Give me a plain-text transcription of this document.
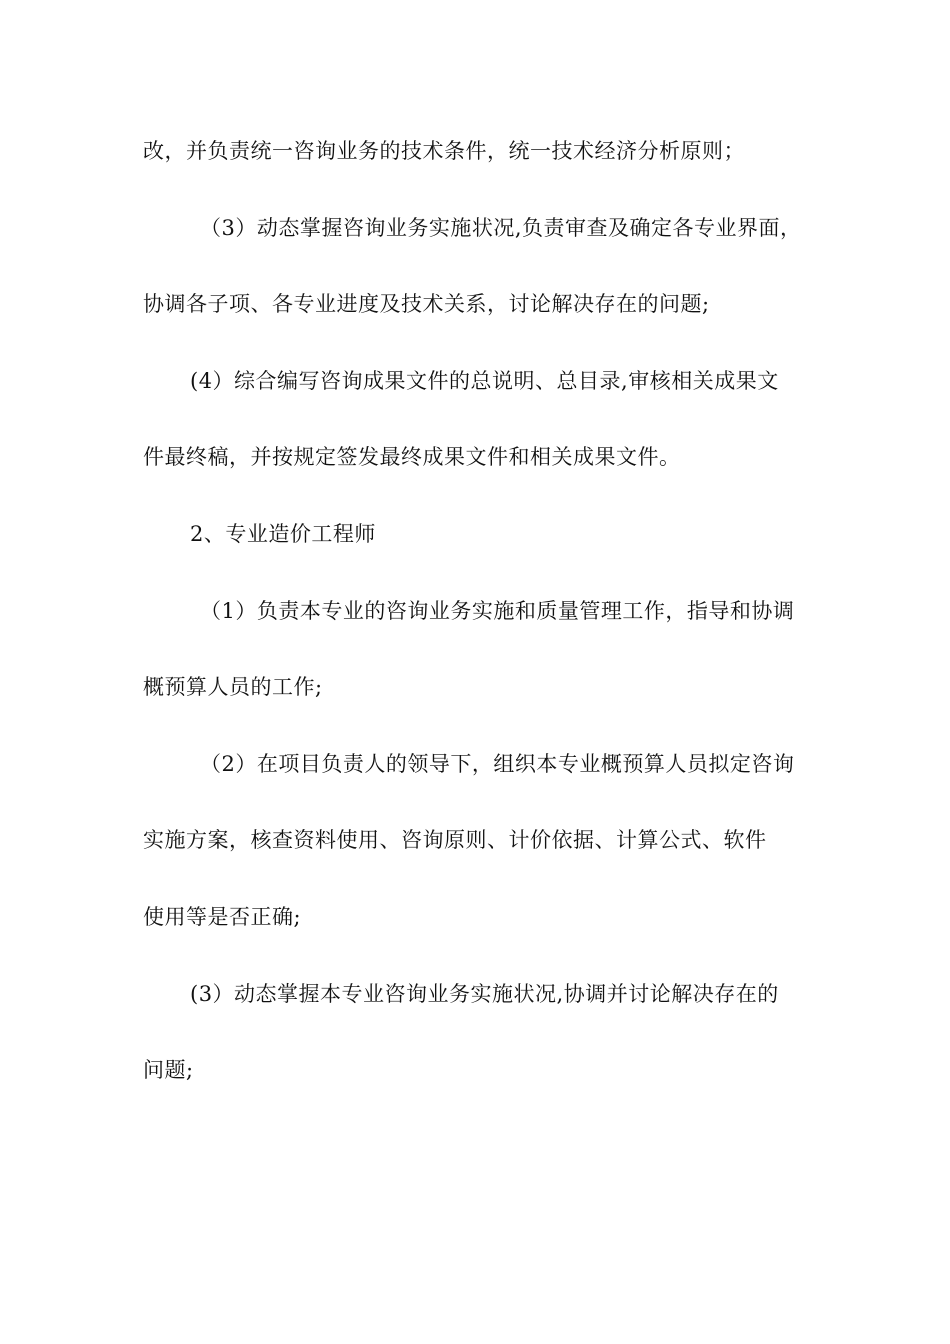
改，并负责统一咨询业务的技术条件，统一技术经济分析原则；
（3）动态掌握咨询业务实施状况,负责审查及确定各专业界面，
协调各子项、各专业进度及技术关系，讨论解决存在的问题;
(4）综合编写咨询成果文件的总说明、总目录,审核相关成果文
件最终稿，并按规定签发最终成果文件和相关成果文件。
2、专业造价工程师
（1）负责本专业的咨询业务实施和质量管理工作，指导和协调
概预算人员的工作;
（2）在项目负责人的领导下，组织本专业概预算人员拟定咨询
实施方案，核查资料使用、咨询原则、计价依据、计算公式、软件
使用等是否正确;
(3）动态掌握本专业咨询业务实施状况,协调并讨论解决存在的
问题;
